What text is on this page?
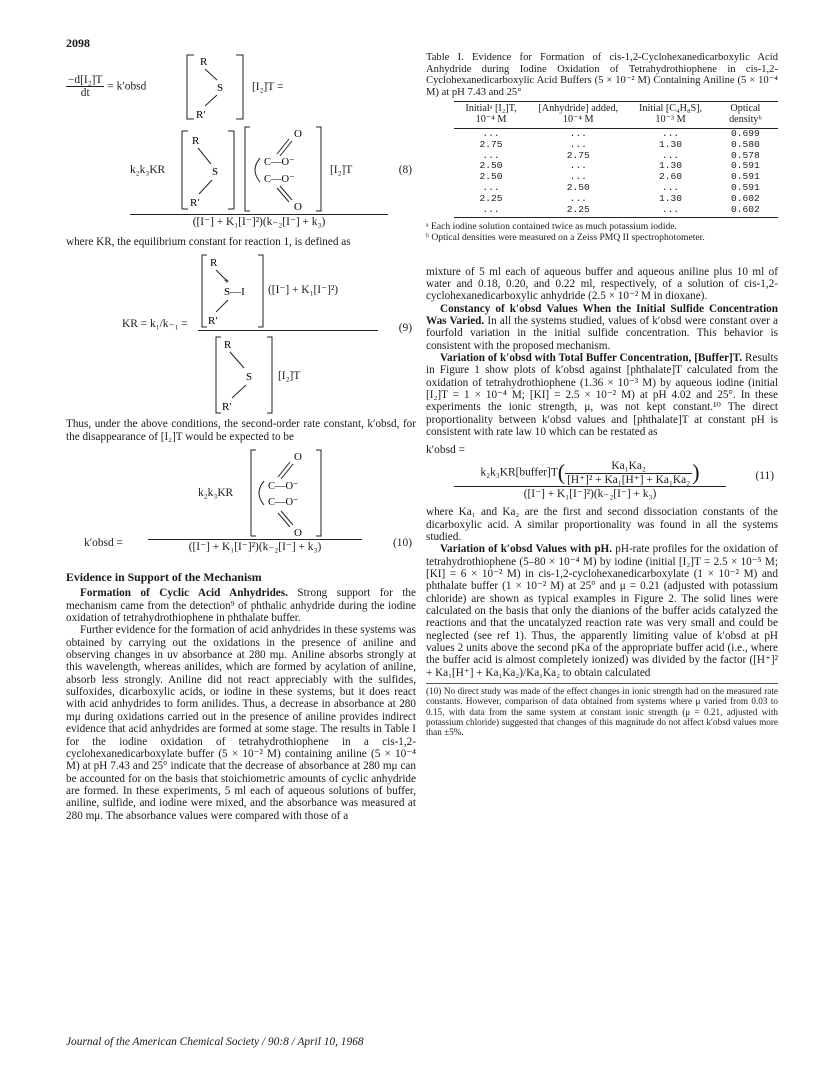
2098
$\frac{\text{−d[I₂]T}}{dt}$ = k′obsd
R
S
R′
[I₂]T =
k₂k₃KR
R
S
R′
O
C—O⁻
C—O⁻
O
[I₂]T
([I⁻] + K₁[I⁻]²)(k₋₂[I⁻] + k₃)
(8)

where KR, the equilibrium constant for reaction 1, is defined as

KR = k₁/k₋₁ =
R
+
S—I
R′
([I⁻] + K₁[I⁻]²)
R
S
R′
[I₂]T
(9)

Thus, under the above conditions, the second-order rate constant, k′obsd, for the disappearance of [I₂]T would be expected to be

k′obsd =
k₂k₃KR
O
C—O⁻
C—O⁻
O
([I⁻] + K₁[I⁻]²)(k₋₂[I⁻] + k₃)	(10)
Evidence in Support of the Mechanism

Formation of Cyclic Acid Anhydrides. Strong support for the mechanism came from the detection⁹ of phthalic anhydride during the iodine oxidation of tetrahydrothiophene in phthalate buffer.

Further evidence for the formation of acid anhydrides in these systems was obtained by carrying out the oxidations in the presence of aniline and observing changes in uv absorbance at 280 mμ. Aniline absorbs strongly at this wavelength, whereas anilides, which are formed by acylation of aniline, absorb less strongly. Aniline did not react appreciably with the sulfides, sulfoxides, dicarboxylic acids, or iodine in these systems, but it does react with acid anhydrides to form anilides. Thus, a decrease in absorbance at 280 mμ during oxidations carried out in the presence of aniline provides indirect evidence that acid anhydrides are formed at some stage. The results in Table I for the iodine oxidation of tetrahydrothiophene in a cis-1,2-cyclohexanedicarboxylate buffer (5 × 10⁻² M) containing aniline (5 × 10⁻⁴ M) at pH 7.43 and 25° indicate that the decrease of absorbance at 280 mμ can be accounted for on the basis that stoichiometric amounts of cyclic anhydride are formed. In these experiments, 5 ml each of aqueous solutions of buffer, aniline, sulfide, and iodine were mixed, and the absorbance was measured at 280 mμ. The absorbance values were compared with those of a

Table I. Evidence for Formation of cis-1,2-Cyclohexanedicarboxylic Acid Anhydride during Iodine Oxidation of Tetrahydrothiophene in cis-1,2-Cyclohexanedicarboxylic Acid Buffers (5 × 10⁻² M) Containing Aniline (5 × 10⁻⁴ M) at pH 7.43 and 25°
Initialᵃ [I₂]T, 10⁻⁴ M	[Anhydride] added, 10⁻⁴ M	Initial [C₄H₈S], 10⁻³ M	Optical densityᵇ
...	...	...	0.699
2.75	...	1.30	0.580
...	2.75	...	0.578
2.50	...	1.30	0.591
2.50	...	2.60	0.591
...	2.50	...	0.591
2.25	...	1.30	0.602
...	2.25	...	0.602
ᵃ Each iodine solution contained twice as much potassium iodide.
ᵇ Optical densities were measured on a Zeiss PMQ II spectrophotometer.

mixture of 5 ml each of aqueous buffer and aqueous aniline plus 10 ml of water and 0.18, 0.20, and 0.22 ml, respectively, of a solution of cis-1,2-cyclohexanedicarboxylic anhydride (2.5 × 10⁻² M in dioxane).

Constancy of k′obsd Values When the Initial Sulfide Concentration Was Varied. In all the systems studied, values of k′obsd were constant over a fourfold variation in the initial sulfide concentration. This behavior is consistent with the proposed mechanism.

Variation of k′obsd with Total Buffer Concentration, [Buffer]T. Results in Figure 1 show plots of k′obsd against [phthalate]T calculated from the oxidation of tetrahydrothiophene (1.36 × 10⁻³ M) by aqueous iodine (initial [I₂]T = 1 × 10⁻⁴ M; [KI] = 2.5 × 10⁻² M) at pH 4.02 and 25°. In these experiments the ionic strength, μ, was not kept constant.¹⁰ The direct proportionality between k′obsd values and [phthalate]T at constant pH is consistent with rate law 10 which can be restated as

k′obsd =
k₂k₃KR[buffer]T( $\frac{\text{Ka₁Ka₂}}{\text{[H⁺]² + Ka₁[H⁺] + Ka₁Ka₂}}$ )
([I⁻] + K₁[I⁻]²)(k₋₂[I⁻] + k₃)
(11)

where Ka₁ and Ka₂ are the first and second dissociation constants of the dicarboxylic acid. A similar proportionality was found in all the systems studied.

Variation of k′obsd Values with pH. pH-rate profiles for the oxidation of tetrahydrothiophene (5–80 × 10⁻⁴ M) by iodine (initial [I₂]T = 2.5 × 10⁻⁵ M; [KI] = 6 × 10⁻² M) in cis-1,2-cyclohexanedicarboxylate (1 × 10⁻² M) and phthalate buffer (1 × 10⁻² M) at 25° and μ = 0.21 (adjusted with potassium chloride) are shown as typical examples in Figure 2. The solid lines were calculated on the basis that only the dianions of the buffer acids catalyzed the reactions and that the uncatalyzed reaction rate was very small and could be neglected (see ref 1). Thus, the apparently limiting value of k′obsd at pH values 2 units above the second pKa of the appropriate buffer acid (i.e., where the buffer acid is almost completely ionized) was divided by the factor ([H⁺]² + Ka₁[H⁺] + Ka₁Ka₂)/Ka₁Ka₂ to obtain calculated

(10) No direct study was made of the effect changes in ionic strength had on the measured rate constants. However, comparison of data obtained from systems where μ varied from 0.03 to 0.15, with data from the same system at constant ionic strength (μ = 0.21, adjusted with potassium chloride) suggested that changes of this magnitude do not affect k′obsd values more than ±5%.
Journal of the American Chemical Society / 90:8 / April 10, 1968
